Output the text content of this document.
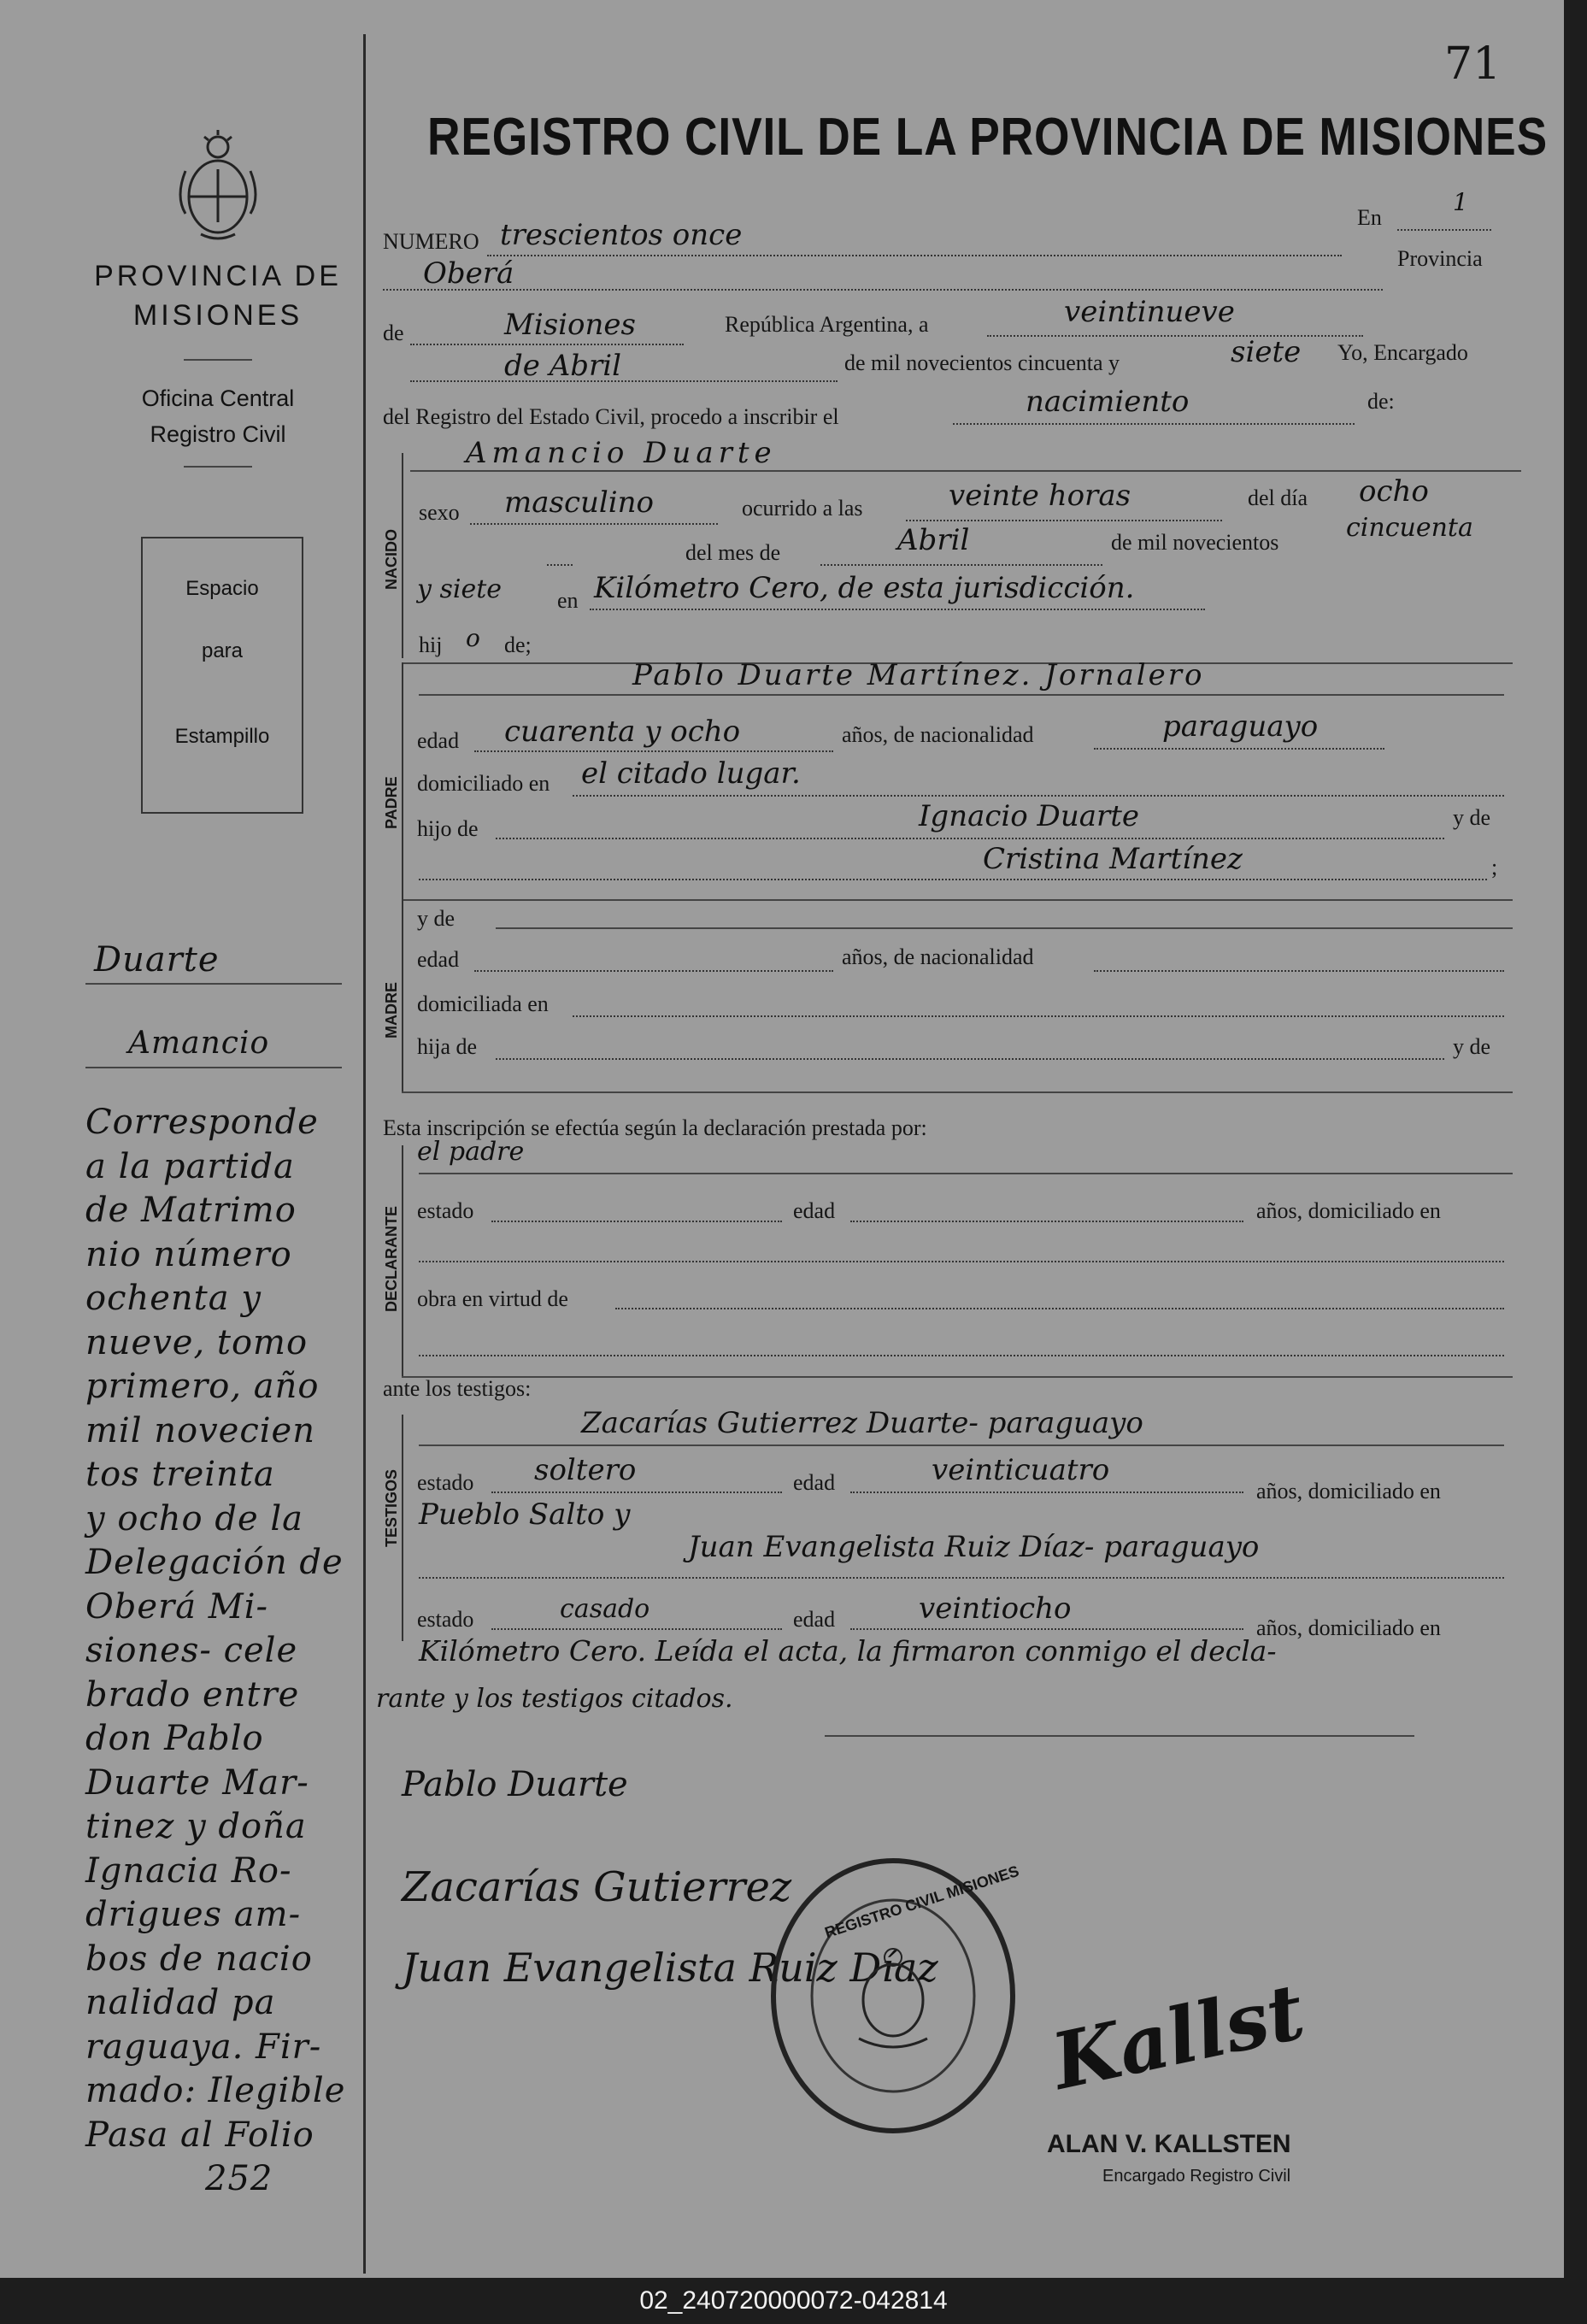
71
REGISTRO CIVIL DE LA PROVINCIA DE MISIONES
PROVINCIA DE MISIONES
Oficina Central
Registro Civil
Espacio
para
Estampillo
NUMERO trescientos once
En
1
Oberá	Provincia
de	Misiones	República Argentina, a	veintinueve
de Abril	de mil novecientos cincuenta y	siete Yo, Encargado
del Registro del Estado Civil, procedo a inscribir el	nacimiento	de:
Amancio Duarte
NACIDO
sexo masculino	ocurrido a las	veinte horas	del día ocho
del mes de	Abril	de mil novecientos	cincuenta
y siete en Kilómetro Cero, de esta jurisdicción.
hij o de;
PADRE
Pablo Duarte Martínez. Jornalero
edad cuarenta y ocho	años, de nacionalidad	paraguayo
domiciliado en el citado lugar.
hijo de	Ignacio Duarte	y de
Cristina Martínez	;
MADRE
y de
edad	años, de nacionalidad
domiciliada en
hija de	y de
Esta inscripción se efectúa según la declaración prestada por:
el padre
DECLARANTE estado	edad	años, domiciliado en
obra en virtud de
ante los testigos:
TESTIGOS
Zacarías Gutierrez Duarte- paraguayo
estado soltero	edad	veinticuatro
años, domiciliado en
Pueblo Salto y
Juan Evangelista Ruiz Díaz- paraguayo
estado	casado	edad	veintiocho
años, domiciliado en
Kilómetro Cero. Leída el acta, la firmaron conmigo el decla-
rante y los testigos citados.
Pablo Duarte
Zacarías Gutierrez
Juan Evangelista Ruiz Díaz
REGISTRO CIVIL MISIONES
Kallst
ALAN V. KALLSTEN
Encargado Registro Civil
Duarte
Amancio
Corresponde
a la partida
de Matrimo
nio número
ochenta y
nueve, tomo
primero, año
mil novecien
tos treinta
y ocho de la
Delegación de
Oberá Mi-
siones- cele
brado entre
don Pablo
Duarte Mar-
tinez y doña
Ignacia Ro-
drigues am-
bos de nacio
nalidad pa
raguaya. Fir-
mado: Ilegible
Pasa al Folio
252
02_240720000072-042814
